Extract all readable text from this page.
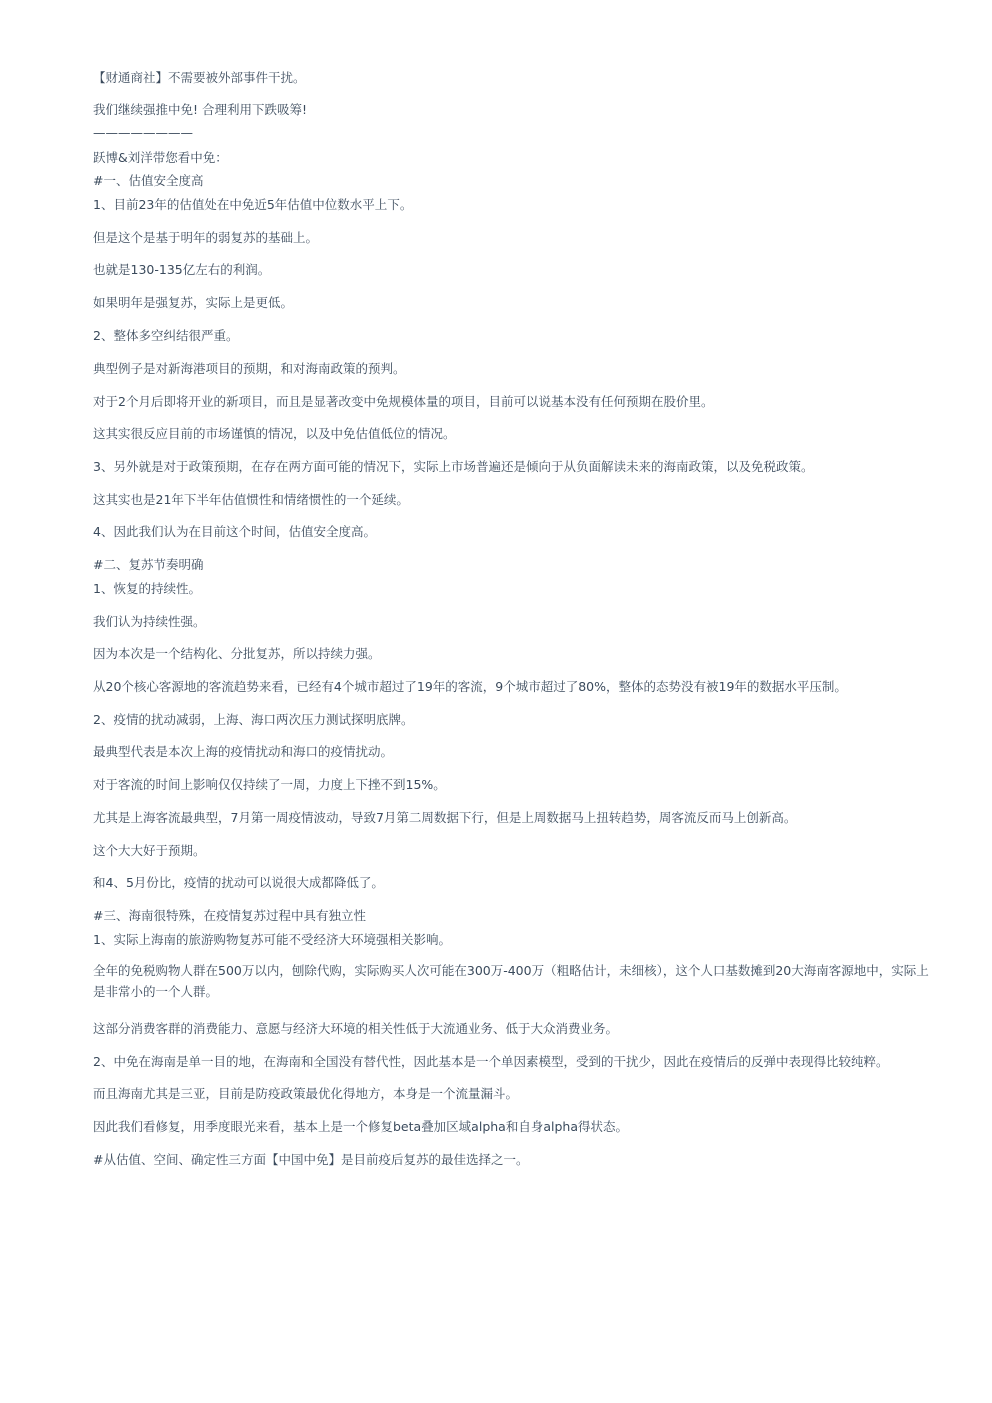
【财通商社】不需要被外部事件干扰。
我们继续强推中免! 合理利用下跌吸筹!
————————
跃博&刘洋带您看中免：
#一、估值安全度高
1、目前23年的估值处在中免近5年估值中位数水平上下。
但是这个是基于明年的弱复苏的基础上。
也就是130-135亿左右的利润。
如果明年是强复苏，实际上是更低。
2、整体多空纠结很严重。
典型例子是对新海港项目的预期，和对海南政策的预判。
对于2个月后即将开业的新项目，而且是显著改变中免规模体量的项目，目前可以说基本没有任何预期在股价里。
这其实很反应目前的市场谨慎的情况，以及中免估值低位的情况。
3、另外就是对于政策预期，在存在两方面可能的情况下，实际上市场普遍还是倾向于从负面解读未来的海南政策，以及免税政策。
这其实也是21年下半年估值惯性和情绪惯性的一个延续。
4、因此我们认为在目前这个时间，估值安全度高。
#二、复苏节奏明确
1、恢复的持续性。
我们认为持续性强。
因为本次是一个结构化、分批复苏，所以持续力强。
从20个核心客源地的客流趋势来看，已经有4个城市超过了19年的客流，9个城市超过了80%，整体的态势没有被19年的数据水平压制。
2、疫情的扰动减弱，上海、海口两次压力测试探明底牌。
最典型代表是本次上海的疫情扰动和海口的疫情扰动。
对于客流的时间上影响仅仅持续了一周，力度上下挫不到15%。
尤其是上海客流最典型，7月第一周疫情波动，导致7月第二周数据下行，但是上周数据马上扭转趋势，周客流反而马上创新高。
这个大大好于预期。
和4、5月份比，疫情的扰动可以说很大成都降低了。
#三、海南很特殊，在疫情复苏过程中具有独立性
1、实际上海南的旅游购物复苏可能不受经济大环境强相关影响。
全年的免税购物人群在500万以内，刨除代购，实际购买人次可能在300万-400万（粗略估计，未细核），这个人口基数摊到20大海南客源地中，实际上是非常小的一个人群。
这部分消费客群的消费能力、意愿与经济大环境的相关性低于大流通业务、低于大众消费业务。
2、中免在海南是单一目的地，在海南和全国没有替代性，因此基本是一个单因素模型，受到的干扰少，因此在疫情后的反弹中表现得比较纯粹。
而且海南尤其是三亚，目前是防疫政策最优化得地方，本身是一个流量漏斗。
因此我们看修复，用季度眼光来看，基本上是一个修复beta叠加区域alpha和自身alpha得状态。
#从估值、空间、确定性三方面【中国中免】是目前疫后复苏的最佳选择之一。
